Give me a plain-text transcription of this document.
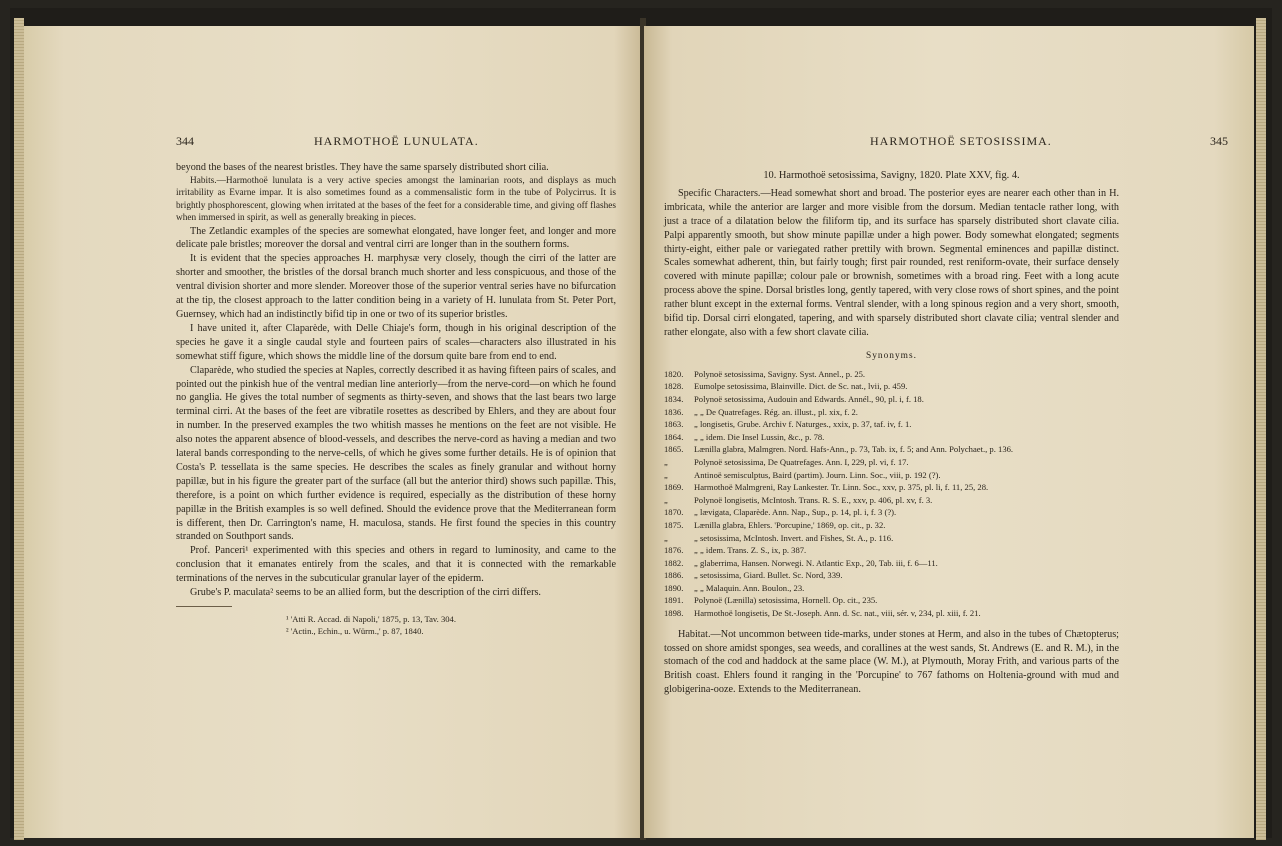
344	HARMOTHOË LUNULATA.

beyond the bases of the nearest bristles. They have the same sparsely distributed short cilia.

Habits.—Harmothoë lunulata is a very active species amongst the laminarian roots, and displays as much irritability as Evarne impar. It is also sometimes found as a commensalistic form in the tube of Polycirrus. It is brightly phosphorescent, glowing when irritated at the bases of the feet for a considerable time, and giving off flashes when immersed in spirit, as well as generally breaking in pieces.

The Zetlandic examples of the species are somewhat elongated, have longer feet, and longer and more delicate pale bristles; moreover the dorsal and ventral cirri are longer than in the southern forms.

It is evident that the species approaches H. marphysæ very closely, though the cirri of the latter are shorter and smoother, the bristles of the dorsal branch much shorter and less conspicuous, and those of the ventral division shorter and more slender. Moreover those of the superior ventral series have no bifurcation at the tip, the closest approach to the latter condition being in a variety of H. lunulata from St. Peter Port, Guernsey, which had an indistinctly bifid tip in one or two of its superior bristles.

I have united it, after Claparède, with Delle Chiaje's form, though in his original description of the species he gave it a single caudal style and fourteen pairs of scales—characters also illustrated in his somewhat stiff figure, which shows the middle line of the dorsum quite bare from end to end.

Claparède, who studied the species at Naples, correctly described it as having fifteen pairs of scales, and pointed out the pinkish hue of the ventral median line anteriorly—from the nerve-cord—on which he found no ganglia. He gives the total number of segments as thirty-seven, and shows that the last bears two large terminal cirri. At the bases of the feet are vibratile rosettes as described by Ehlers, and they are about four in number. In the preserved examples the two whitish masses he mentions on the feet are not visible. He also notes the apparent absence of blood-vessels, and describes the nerve-cord as having a median and two lateral bands corresponding to the nerve-cells, of which he gives some further details. He is of opinion that Costa's P. tessellata is the same species. He describes the scales as finely granular and without horny papillæ, but in his figure the greater part of the surface (all but the anterior third) shows such papillæ. This, therefore, is a point on which further evidence is required, especially as the distribution of these horny papillæ in the British examples is so well defined. Should the evidence prove that the Mediterranean form is different, then Dr. Carrington's name, H. maculosa, stands. He first found the species in this country stranded on Southport sands.

Prof. Panceri¹ experimented with this species and others in regard to luminosity, and came to the conclusion that it emanates entirely from the scales, and that it is connected with the remarkable terminations of the nerves in the subcuticular granular layer of the epiderm.

Grube's P. maculata² seems to be an allied form, but the description of the cirri differs.

¹ 'Atti R. Accad. di Napoli,' 1875, p. 13, Tav. 304.
² 'Actin., Echin., u. Würm.,' p. 87, 1840.
HARMOTHOË SETOSISSIMA.	345
10. Harmothoë setosissima, Savigny, 1820. Plate XXV, fig. 4.

Specific Characters.—Head somewhat short and broad. The posterior eyes are nearer each other than in H. imbricata, while the anterior are larger and more visible from the dorsum. Median tentacle rather long, with just a trace of a dilatation below the filiform tip, and its surface has sparsely distributed short clavate cilia. Palpi apparently smooth, but show minute papillæ under a high power. Body somewhat elongated; segments thirty-eight, either pale or variegated rather prettily with brown. Segmental eminences and papillæ distinct. Scales somewhat adherent, thin, but fairly tough; first pair rounded, rest reniform-ovate, their surface densely covered with minute papillæ; colour pale or brownish, sometimes with a broad ring. Feet with a long acute process above the spine. Dorsal bristles long, gently tapered, with very close rows of short spines, and the point rather blunt except in the external forms. Ventral slender, with a long spinous region and a very short, smooth, bifid tip. Dorsal cirri elongated, tapering, and with sparsely distributed short clavate cilia; ventral slender and rather elongate, also with a few short clavate cilia.

Synonyms.
1820.	Polynoë setosissima, Savigny. Syst. Annel., p. 25.
1828.	Eumolpe setosissima, Blainville. Dict. de Sc. nat., lvii, p. 459.
1834.	Polynoë setosissima, Audouin and Edwards. Annél., 90, pl. i, f. 18.
1836.	„ „ De Quatrefages. Rég. an. illust., pl. xix, f. 2.
1863.	„ longisetis, Grube. Archiv f. Naturges., xxix, p. 37, taf. iv, f. 1.
1864.	„ „ idem. Die Insel Lussin, &c., p. 78.
1865.	Lænilla glabra, Malmgren. Nord. Hafs-Ann., p. 73, Tab. ix, f. 5; and Ann. Polychaet., p. 136.
„	Polynoë setosissima, De Quatrefages. Ann. I, 229, pl. vi, f. 17.
„	Antinoë semisculptus, Baird (partim). Journ. Linn. Soc., viii, p. 192 (?).
1869.	Harmothoë Malmgreni, Ray Lankester. Tr. Linn. Soc., xxv, p. 375, pl. li, f. 11, 25, 28.
„	Polynoë longisetis, McIntosh. Trans. R. S. E., xxv, p. 406, pl. xv, f. 3.
1870.	„ lævigata, Claparède. Ann. Nap., Sup., p. 14, pl. i, f. 3 (?).
1875.	Lænilla glabra, Ehlers. 'Porcupine,' 1869, op. cit., p. 32.
„	„ setosissima, McIntosh. Invert. and Fishes, St. A., p. 116.
1876.	„ „ idem. Trans. Z. S., ix, p. 387.
1882.	„ glaberrima, Hansen. Norwegi. N. Atlantic Exp., 20, Tab. iii, f. 6—11.
1886.	„ setosissima, Giard. Bullet. Sc. Nord, 339.
1890.	„ „ Malaquin. Ann. Boulon., 23.
1891.	Polynoë (Lænilla) setosissima, Hornell. Op. cit., 235.
1898.	Harmothoë longisetis, De St.-Joseph. Ann. d. Sc. nat., viii, sér. v, 234, pl. xiii, f. 21.

Habitat.—Not uncommon between tide-marks, under stones at Herm, and also in the tubes of Chætopterus; tossed on shore amidst sponges, sea weeds, and corallines at the west sands, St. Andrews (E. and R. M.), in the stomach of the cod and haddock at the same place (W. M.), at Plymouth, Moray Frith, and various parts of the British coast. Ehlers found it ranging in the 'Porcupine' to 767 fathoms on Holtenia-ground with mud and globigerina-ooze. Extends to the Mediterranean.
